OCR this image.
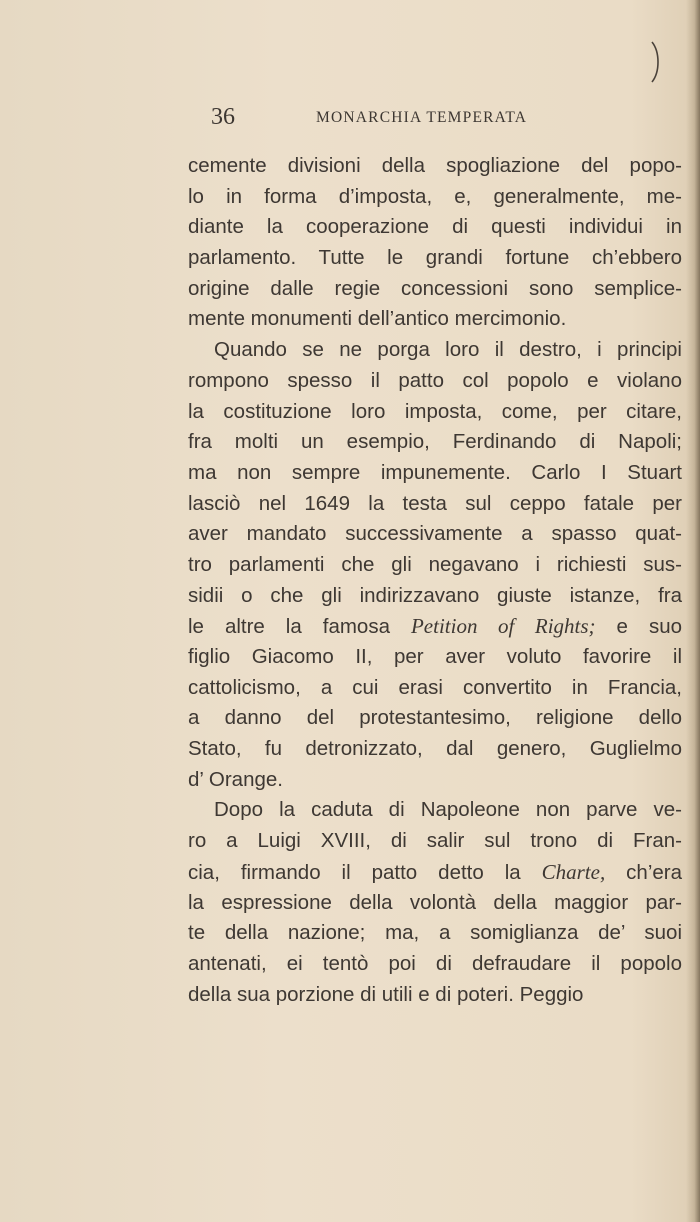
36	MONARCHIA TEMPERATA
cemente divisioni della spogliazione del popo-
lo in forma d’imposta, e, generalmente, me-
diante la cooperazione di questi individui in
parlamento. Tutte le grandi fortune ch’ebbero
origine dalle regie concessioni sono semplice-
mente monumenti dell’antico mercimonio.
Quando se ne porga loro il destro, i principi
rompono spesso il patto col popolo e violano
la costituzione loro imposta, come, per citare,
fra molti un esempio, Ferdinando di Napoli;
ma non sempre impunemente. Carlo I Stuart
lasciò nel 1649 la testa sul ceppo fatale per
aver mandato successivamente a spasso quat-
tro parlamenti che gli negavano i richiesti sus-
sidii o che gli indirizzavano giuste istanze, fra
le altre la famosa Petition of Rights; e suo
figlio Giacomo II, per aver voluto favorire il
cattolicismo, a cui erasi convertito in Francia,
a danno del protestantesimo, religione dello
Stato, fu detronizzato, dal genero, Guglielmo
d’ Orange.
Dopo la caduta di Napoleone non parve ve-
ro a Luigi XVIII, di salir sul trono di Fran-
cia, firmando il patto detto la Charte, ch’era
la espressione della volontà della maggior par-
te della nazione; ma, a somiglianza de’ suoi
antenati, ei tentò poi di defraudare il popolo
della sua porzione di utili e di poteri. Peggio
